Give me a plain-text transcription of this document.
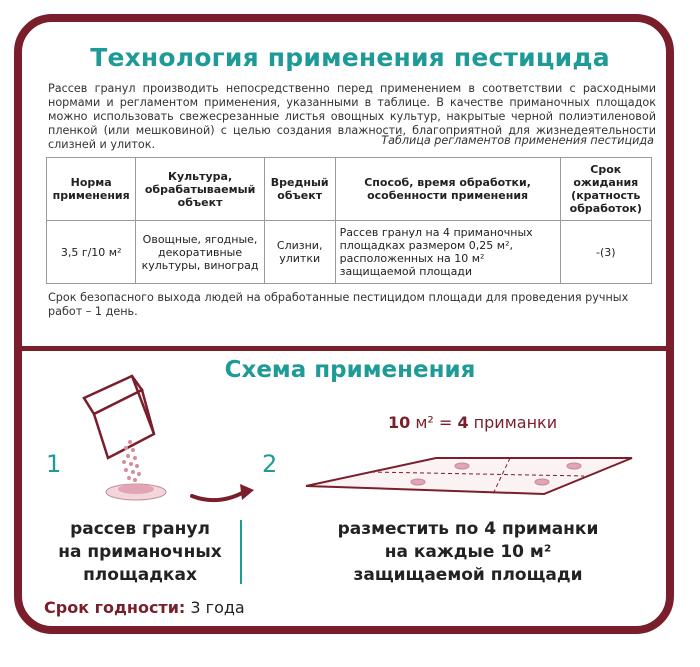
Технология применения пестицида
Рассев гранул производить непосредственно перед применением в соответствии с расходными нормами и регламентом применения, указанными в таблице. В качестве приманочных площадок можно использовать свежесрезанные листья овощных культур, накрытые черной полиэтиленовой пленкой (или мешковиной) с целью создания влажности, благоприятной для жизнедеятельности слизней и улиток.	Таблица регламентов применения пестицида
Норма применения	Культура, обрабатываемый объект	Вредный объект	Способ, время обработки, особенности применения	Срок ожидания (кратность обработок)
3,5 г/10 м²	Овощные, ягодные, декоративные культуры, виноград	Слизни, улитки	Рассев гранул на 4 приманочных площадках размером 0,25 м², расположенных на 10 м² защищаемой площади	-(3)
Срок безопасного выхода людей на обработанные пестицидом площади для проведения ручных работ – 1 день.
Схема применения
1
рассев гранул
на приманочных
площадках
2
10 м² = 4 приманки
разместить по 4 приманки
на каждые 10 м²
защищаемой площади
Срок годности: 3 года
